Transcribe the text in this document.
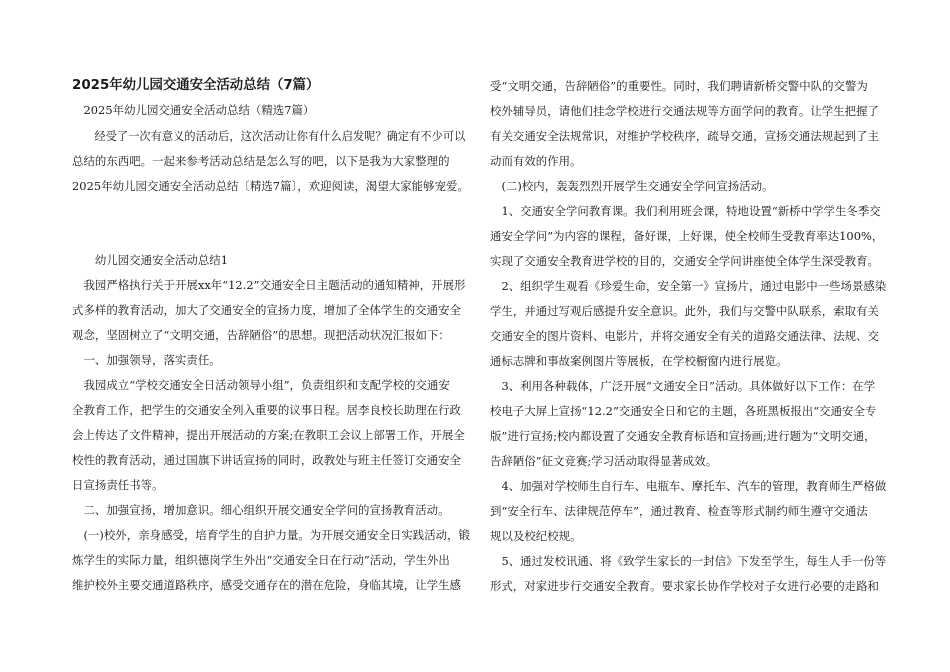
2025年幼儿园交通安全活动总结（7篇）
　2025年幼儿园交通安全活动总结（精选7篇）
　　经受了一次有意义的活动后，这次活动让你有什么启发呢？确定有不少可以
总结的东西吧。一起来参考活动总结是怎么写的吧，以下是我为大家整理的
2025年幼儿园交通安全活动总结〔精选7篇〕，欢迎阅读，渴望大家能够宠爱。
　　幼儿园交通安全活动总结1
　我园严格执行关于开展xx年“12.2”交通安全日主题活动的通知精神，开展形
式多样的教育活动，加大了交通安全的宣扬力度，增加了全体学生的交通安全
观念，坚固树立了“文明交通，告辞陋俗”的思想。现把活动状况汇报如下：
　一、加强领导，落实责任。
　我园成立“学校交通安全日活动领导小组”，负责组织和支配学校的交通安
全教育工作，把学生的交通安全列入重要的议事日程。居李良校长助理在行政
会上传达了文件精神，提出开展活动的方案;在教职工会议上部署工作，开展全
校性的教育活动，通过国旗下讲话宣扬的同时，政教处与班主任签订交通安全
日宣扬责任书等。
　二、加强宣扬，增加意识。细心组织开展交通安全学问的宣扬教育活动。
　(一)校外，亲身感受，培育学生的自护力量。为开展交通安全日实践活动，锻
炼学生的实际力量，组织德岗学生外出“交通安全日在行动”活动，学生外出
维护校外主要交通道路秩序，感受交通存在的潜在危险，身临其境，让学生感
受“文明交通，告辞陋俗”的重要性。同时，我们聘请新桥交警中队的交警为
校外辅导员，请他们挂念学校进行交通法规等方面学问的教育。让学生把握了
有关交通安全法规常识，对维护学校秩序，疏导交通，宣扬交通法规起到了主
动而有效的作用。
　(二)校内，轰轰烈烈开展学生交通安全学问宣扬活动。
　1、交通安全学问教育课。我们利用班会课，特地设置“新桥中学学生冬季交
通安全学问”为内容的课程，备好课，上好课，使全校师生受教育率达100%，
实现了交通安全教育进学校的目的，交通安全学问讲座使全体学生深受教育。
　2、组织学生观看《珍爱生命，安全第一》宣扬片，通过电影中一些场景感染
学生，并通过写观后感提升安全意识。此外，我们与交警中队联系，索取有关
交通安全的图片资料、电影片，并将交通安全有关的道路交通法律、法规、交
通标志牌和事故案例图片等展板，在学校橱窗内进行展览。
　3、利用各种载体，广泛开展“文通安全日”活动。具体做好以下工作：在学
校电子大屏上宣扬“12.2”交通安全日和它的主题，各班黑板报出“交通安全专
版”进行宣扬;校内都设置了交通安全教育标语和宣扬画;进行题为“文明交通，
告辞陋俗”征文竞赛;学习活动取得显著成效。
　4、加强对学校师生自行车、电瓶车、摩托车、汽车的管理，教育师生严格做
到“安全行车、法律规范停车”，通过教育、检查等形式制约师生遵守交通法
规以及校纪校规。
　5、通过发校讯通、将《致学生家长的一封信》下发至学生，每生人手一份等
形式，对家进步行交通安全教育。要求家长协作学校对子女进行必要的走路和
